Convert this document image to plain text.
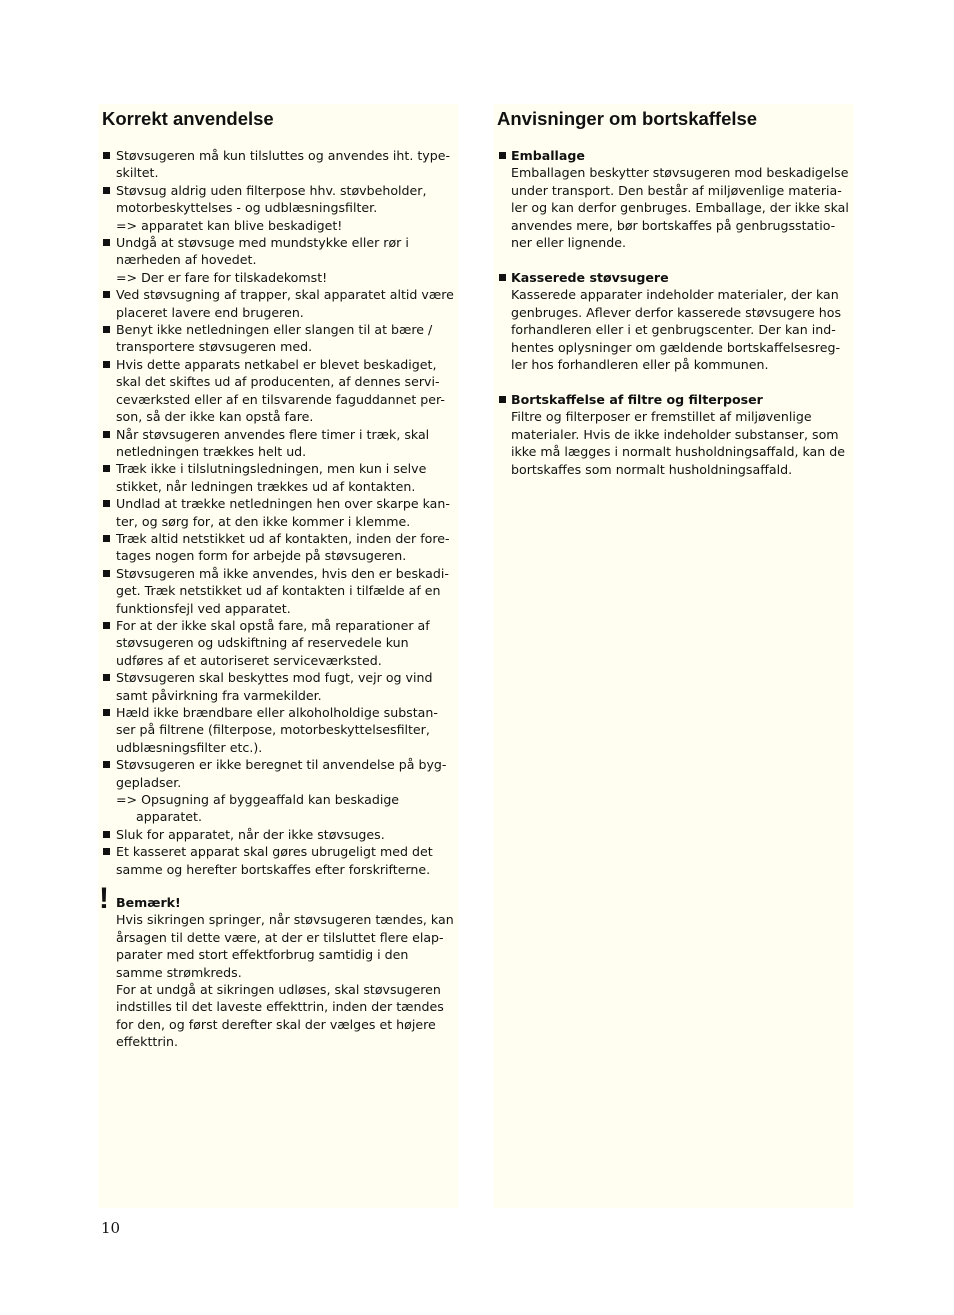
Korrekt anvendelse
Støvsugeren må kun tilsluttes og anvendes iht. type-
skiltet.
Støvsug aldrig uden filterpose hhv. støvbeholder,
motorbeskyttelses - og udblæsningsfilter.
=> apparatet kan blive beskadiget!
Undgå at støvsuge med mundstykke eller rør i
nærheden af hovedet.
=> Der er fare for tilskadekomst!
Ved støvsugning af trapper, skal apparatet altid være
placeret lavere end brugeren.
Benyt ikke netledningen eller slangen til at bære /
transportere støvsugeren med.
Hvis dette apparats netkabel er blevet beskadiget,
skal det skiftes ud af producenten, af dennes servi-
ceværksted eller af en tilsvarende faguddannet per-
son, så der ikke kan opstå fare.
Når støvsugeren anvendes flere timer i træk, skal
netledningen trækkes helt ud.
Træk ikke i tilslutningsledningen, men kun i selve
stikket, når ledningen trækkes ud af kontakten.
Undlad at trække netledningen hen over skarpe kan-
ter, og sørg for, at den ikke kommer i klemme.
Træk altid netstikket ud af kontakten, inden der fore-
tages nogen form for arbejde på støvsugeren.
Støvsugeren må ikke anvendes, hvis den er beskadi-
get. Træk netstikket ud af kontakten i tilfælde af en
funktionsfejl ved apparatet.
For at der ikke skal opstå fare, må reparationer af
støvsugeren og udskiftning af reservedele kun
udføres af et autoriseret serviceværksted.
Støvsugeren skal beskyttes mod fugt, vejr og vind
samt påvirkning fra varmekilder.
Hæld ikke brændbare eller alkoholholdige substan-
ser på filtrene (filterpose, motorbeskyttelsesfilter,
udblæsningsfilter etc.).
Støvsugeren er ikke beregnet til anvendelse på byg-
gepladser.
=> Opsugning af byggeaffald kan beskadige
apparatet.
Sluk for apparatet, når der ikke støvsuges.
Et kasseret apparat skal gøres ubrugeligt med det
samme og herefter bortskaffes efter forskrifterne.
! Bemærk!
Hvis sikringen springer, når støvsugeren tændes, kan
årsagen til dette være, at der er tilsluttet flere elap-
parater med stort effektforbrug samtidig i den
samme strømkreds.
For at undgå at sikringen udløses, skal støvsugeren
indstilles til det laveste effekttrin, inden der tændes
for den, og først derefter skal der vælges et højere
effekttrin.
Anvisninger om bortskaffelse
Emballage
Emballagen beskytter støvsugeren mod beskadigelse
under transport. Den består af miljøvenlige materia-
ler og kan derfor genbruges. Emballage, der ikke skal
anvendes mere, bør bortskaffes på genbrugsstatio-
ner eller lignende.
Kasserede støvsugere
Kasserede apparater indeholder materialer, der kan
genbruges. Aflever derfor kasserede støvsugere hos
forhandleren eller i et genbrugscenter. Der kan ind-
hentes oplysninger om gældende bortskaffelsesreg-
ler hos forhandleren eller på kommunen.
Bortskaffelse af filtre og filterposer
Filtre og filterposer er fremstillet af miljøvenlige
materialer. Hvis de ikke indeholder substanser, som
ikke må lægges i normalt husholdningsaffald, kan de
bortskaffes som normalt husholdningsaffald.
10
